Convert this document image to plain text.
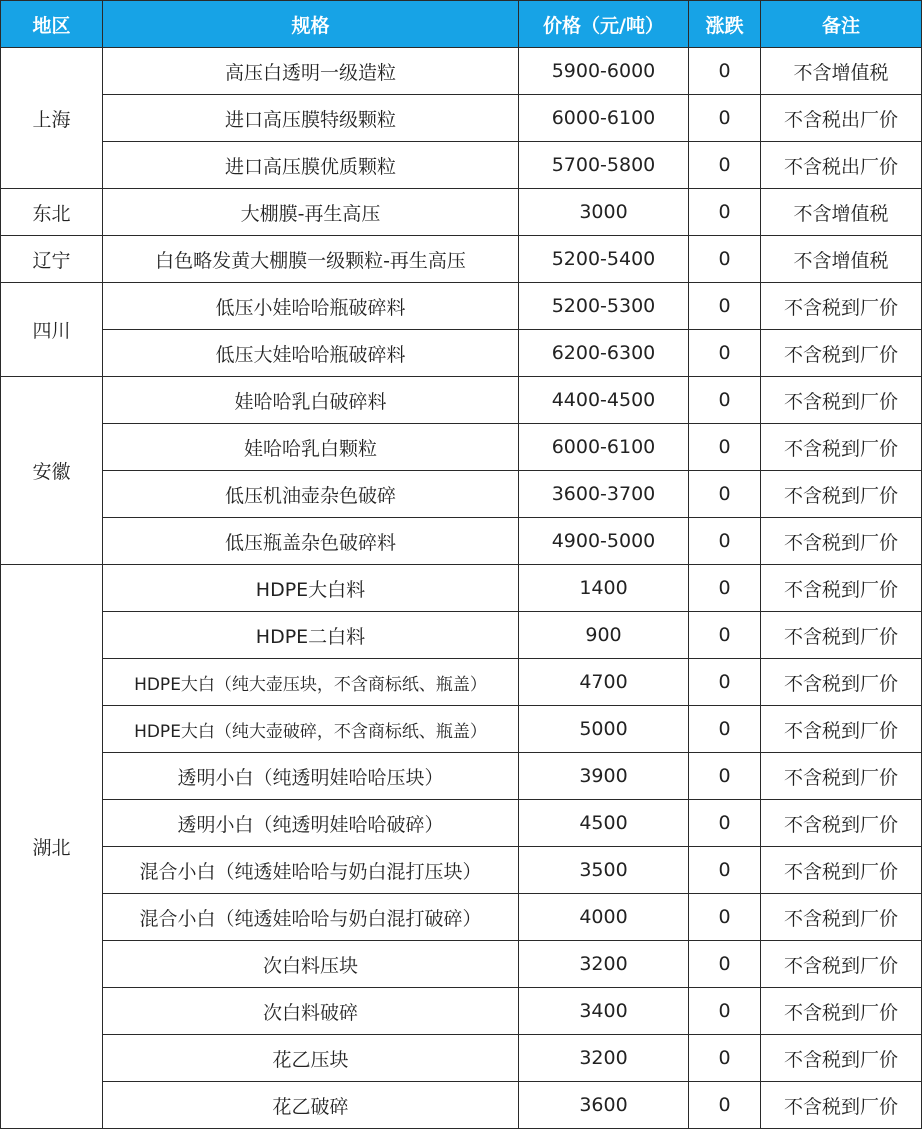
地区	规格	价格（元/吨）	涨跌	备注
上海	高压白透明一级造粒	5900-6000	0	不含增值税
	进口高压膜特级颗粒	6000-6100	0	不含税出厂价
	进口高压膜优质颗粒	5700-5800	0	不含税出厂价
东北	大棚膜-再生高压	3000	0	不含增值税
辽宁	白色略发黄大棚膜一级颗粒-再生高压	5200-5400	0	不含增值税
四川	低压小娃哈哈瓶破碎料	5200-5300	0	不含税到厂价
	低压大娃哈哈瓶破碎料	6200-6300	0	不含税到厂价
安徽	娃哈哈乳白破碎料	4400-4500	0	不含税到厂价
	娃哈哈乳白颗粒	6000-6100	0	不含税到厂价
	低压机油壶杂色破碎	3600-3700	0	不含税到厂价
	低压瓶盖杂色破碎料	4900-5000	0	不含税到厂价
湖北	HDPE大白料	1400	0	不含税到厂价
	HDPE二白料	900	0	不含税到厂价
	HDPE大白（纯大壶压块，不含商标纸、瓶盖）	4700	0	不含税到厂价
	HDPE大白（纯大壶破碎，不含商标纸、瓶盖）	5000	0	不含税到厂价
	透明小白（纯透明娃哈哈压块）	3900	0	不含税到厂价
	透明小白（纯透明娃哈哈破碎）	4500	0	不含税到厂价
	混合小白（纯透娃哈哈与奶白混打压块）	3500	0	不含税到厂价
	混合小白（纯透娃哈哈与奶白混打破碎）	4000	0	不含税到厂价
	次白料压块	3200	0	不含税到厂价
	次白料破碎	3400	0	不含税到厂价
	花乙压块	3200	0	不含税到厂价
	花乙破碎	3600	0	不含税到厂价
